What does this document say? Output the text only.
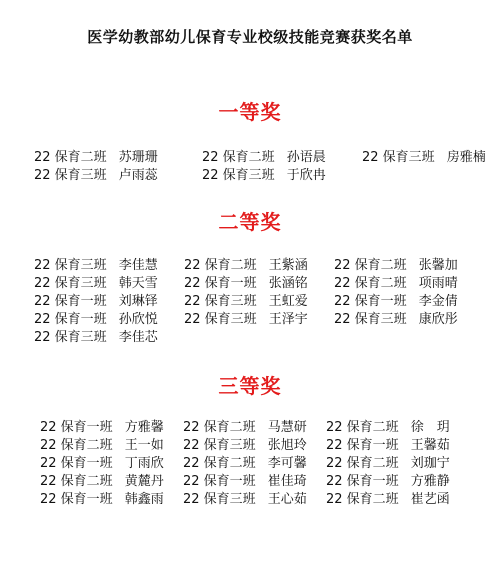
医学幼教部幼儿保育专业校级技能竞赛获奖名单
一等奖
22 保育二班 苏珊珊	22 保育二班 孙语晨	22 保育三班 房雅楠
22 保育三班 卢雨蕊	22 保育三班 于欣冉
二等奖
22 保育三班 李佳慧 22 保育二班 王紫涵 22 保育二班 张馨加
22 保育三班 韩天雪 22 保育一班 张涵铭 22 保育二班 项雨晴
22 保育一班 刘琳铎 22 保育三班 王虹爱 22 保育一班 李金倩
22 保育一班 孙欣悦 22 保育三班 王泽宇 22 保育三班 康欣彤
22 保育三班 李佳芯
三等奖
22 保育一班 方雅馨 22 保育二班 马慧研 22 保育二班 徐　玥
22 保育二班 王一如 22 保育三班 张旭玲 22 保育一班 王馨茹
22 保育一班 丁雨欣 22 保育二班 李可馨 22 保育二班 刘珈宁
22 保育二班 黄麓丹 22 保育一班 崔佳琦 22 保育一班 方雅静
22 保育一班 韩鑫雨 22 保育三班 王心茹 22 保育二班 崔艺函
